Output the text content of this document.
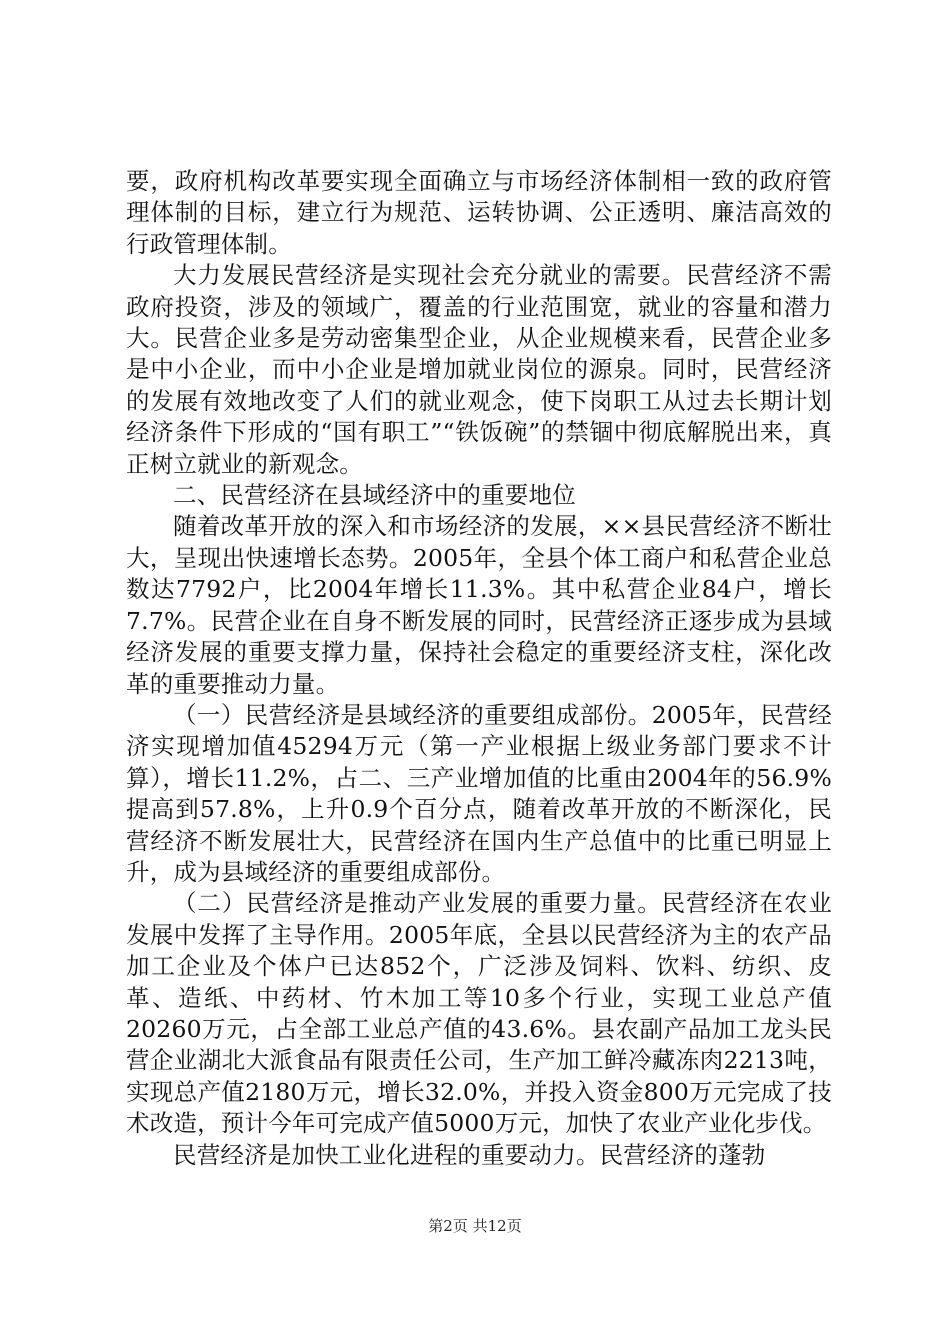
要，政府机构改革要实现全面确立与市场经济体制相一致的政府管理体制的目标，建立行为规范、运转协调、公正透明、廉洁高效的行政管理体制。

大力发展民营经济是实现社会充分就业的需要。民营经济不需政府投资，涉及的领域广，覆盖的行业范围宽，就业的容量和潜力大。民营企业多是劳动密集型企业，从企业规模来看，民营企业多是中小企业，而中小企业是增加就业岗位的源泉。同时，民营经济的发展有效地改变了人们的就业观念，使下岗职工从过去长期计划经济条件下形成的“国有职工”“铁饭碗”的禁锢中彻底解脱出来，真正树立就业的新观念。

二、民营经济在县域经济中的重要地位

随着改革开放的深入和市场经济的发展，××县民营经济不断壮大，呈现出快速增长态势。2005年，全县个体工商户和私营企业总数达7792户，比2004年增长11.3%。其中私营企业84户，增长7.7%。民营企业在自身不断发展的同时，民营经济正逐步成为县域经济发展的重要支撑力量，保持社会稳定的重要经济支柱，深化改革的重要推动力量。

（一）民营经济是县域经济的重要组成部份。2005年，民营经济实现增加值45294万元（第一产业根据上级业务部门要求不计算），增长11.2%，占二、三产业增加值的比重由2004年的56.9%提高到57.8%，上升0.9个百分点，随着改革开放的不断深化，民营经济不断发展壮大，民营经济在国内生产总值中的比重已明显上升，成为县域经济的重要组成部份。

（二）民营经济是推动产业发展的重要力量。民营经济在农业发展中发挥了主导作用。2005年底，全县以民营经济为主的农产品加工企业及个体户已达852个，广泛涉及饲料、饮料、纺织、皮革、造纸、中药材、竹木加工等10多个行业，实现工业总产值20260万元，占全部工业总产值的43.6%。县农副产品加工龙头民营企业湖北大派食品有限责任公司，生产加工鲜冷藏冻肉2213吨，实现总产值2180万元，增长32.0%，并投入资金800万元完成了技术改造，预计今年可完成产值5000万元，加快了农业产业化步伐。

民营经济是加快工业化进程的重要动力。民营经济的蓬勃

第2页 共12页
